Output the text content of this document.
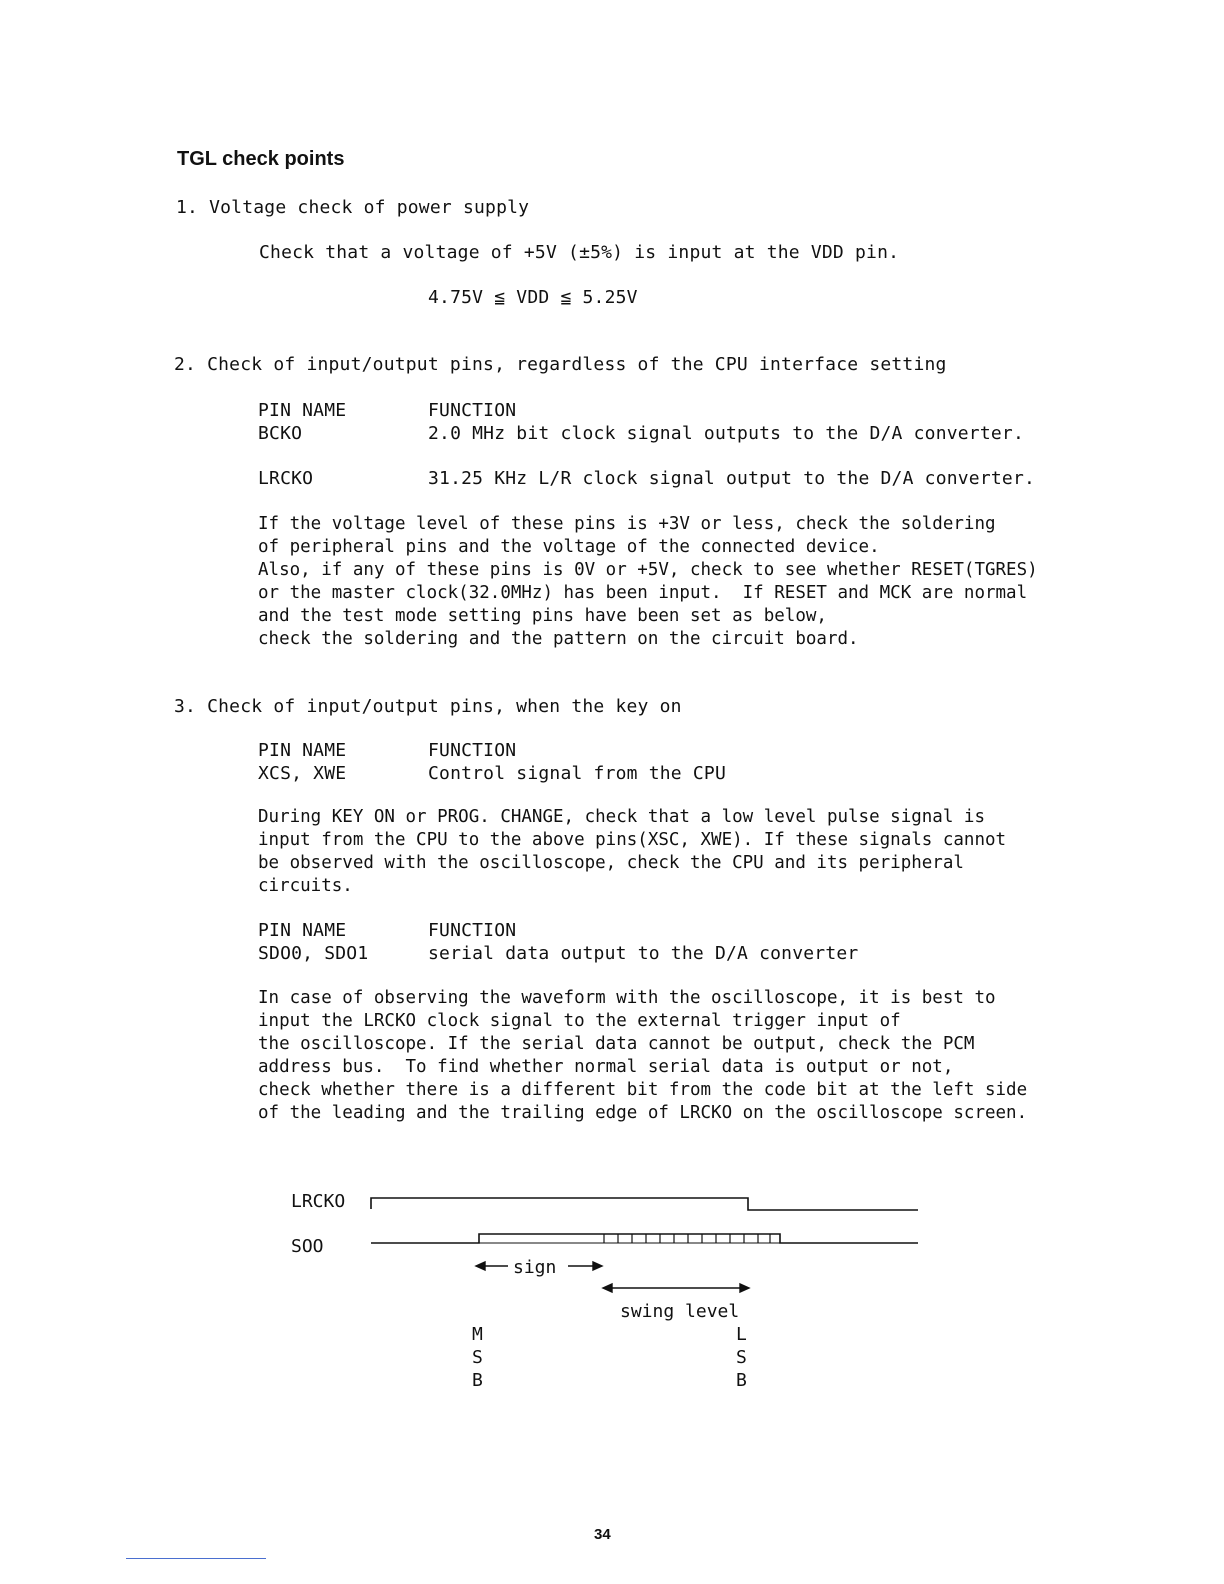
TGL check points
1. Voltage check of power supply
Check that a voltage of +5V (±5%) is input at the VDD pin.
4.75V ≦ VDD ≦ 5.25V
2. Check of input/output pins, regardless of the CPU interface setting
PIN NAME	FUNCTION
BCKO	2.0 MHz bit clock signal outputs to the D/A converter.
LRCKO	31.25 KHz L/R clock signal output to the D/A converter.
If the voltage level of these pins is +3V or less, check the soldering
of peripheral pins and the voltage of the connected device.
Also, if any of these pins is 0V or +5V, check to see whether RESET(TGRES)
or the master clock(32.0MHz) has been input.  If RESET and MCK are normal
and the test mode setting pins have been set as below,
check the soldering and the pattern on the circuit board.
3. Check of input/output pins, when the key on
PIN NAME	FUNCTION
XCS, XWE	Control signal from the CPU
During KEY ON or PROG. CHANGE, check that a low level pulse signal is
input from the CPU to the above pins(XSC, XWE). If these signals cannot
be observed with the oscilloscope, check the CPU and its peripheral
circuits.
PIN NAME	FUNCTION
SDO0, SDO1	serial data output to the D/A converter
In case of observing the waveform with the oscilloscope, it is best to
input the LRCKO clock signal to the external trigger input of
the oscilloscope. If the serial data cannot be output, check the PCM
address bus.  To find whether normal serial data is output or not,
check whether there is a different bit from the code bit at the left side
of the leading and the trailing edge of LRCKO on the oscilloscope screen.
LRCKO
SOO
sign
swing level
M
S
B
L
S
B
34
